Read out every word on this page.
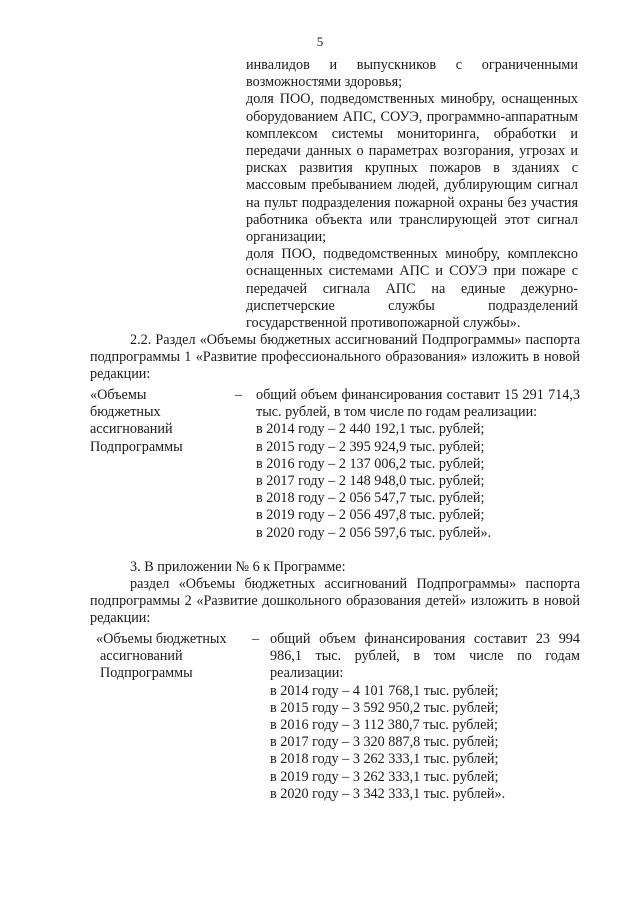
5

инвалидов и выпускников с ограниченными возможностями здоровья;

доля ПОО, подведомственных минобру, оснащенных оборудованием АПС, СОУЭ, программно-аппаратным комплексом системы мониторинга, обработки и передачи данных о параметрах возгорания, угрозах и рисках развития крупных пожаров в зданиях с массовым пребыванием людей, дублирующим сигнал на пульт подразделения пожарной охраны без участия работника объекта или транслирующей этот сигнал организации;

доля ПОО, подведомственных минобру, комплексно оснащенных системами АПС и СОУЭ при пожаре с передачей сигнала АПС на единые дежурно-диспетчерские службы подразделений государственной противопожарной службы».

2.2. Раздел «Объемы бюджетных ассигнований Подпрограммы» паспорта подпрограммы 1 «Развитие профессионального образования» изложить в новой редакции:

«Объемы
бюджетных
ассигнований
Подпрограммы
– общий объем финансирования составит 15 291 714,3 тыс. рублей, в том числе по годам реализации:

в 2014 году – 2 440 192,1 тыс. рублей;
в 2015 году – 2 395 924,9 тыс. рублей;
в 2016 году – 2 137 006,2 тыс. рублей;
в 2017 году – 2 148 948,0 тыс. рублей;
в 2018 году – 2 056 547,7 тыс. рублей;
в 2019 году – 2 056 497,8 тыс. рублей;
в 2020 году – 2 056 597,6 тыс. рублей».

3. В приложении № 6 к Программе:

раздел «Объемы бюджетных ассигнований Подпрограммы» паспорта подпрограммы 2 «Развитие дошкольного образования детей» изложить в новой редакции:

«Объемы бюджетных
ассигнований
Подпрограммы
– общий объем финансирования составит 23 994 986,1 тыс. рублей, в том числе по годам реализации:

в 2014 году – 4 101 768,1 тыс. рублей;
в 2015 году – 3 592 950,2 тыс. рублей;
в 2016 году – 3 112 380,7 тыс. рублей;
в 2017 году – 3 320 887,8 тыс. рублей;
в 2018 году – 3 262 333,1 тыс. рублей;
в 2019 году – 3 262 333,1 тыс. рублей;
в 2020 году – 3 342 333,1 тыс. рублей».
